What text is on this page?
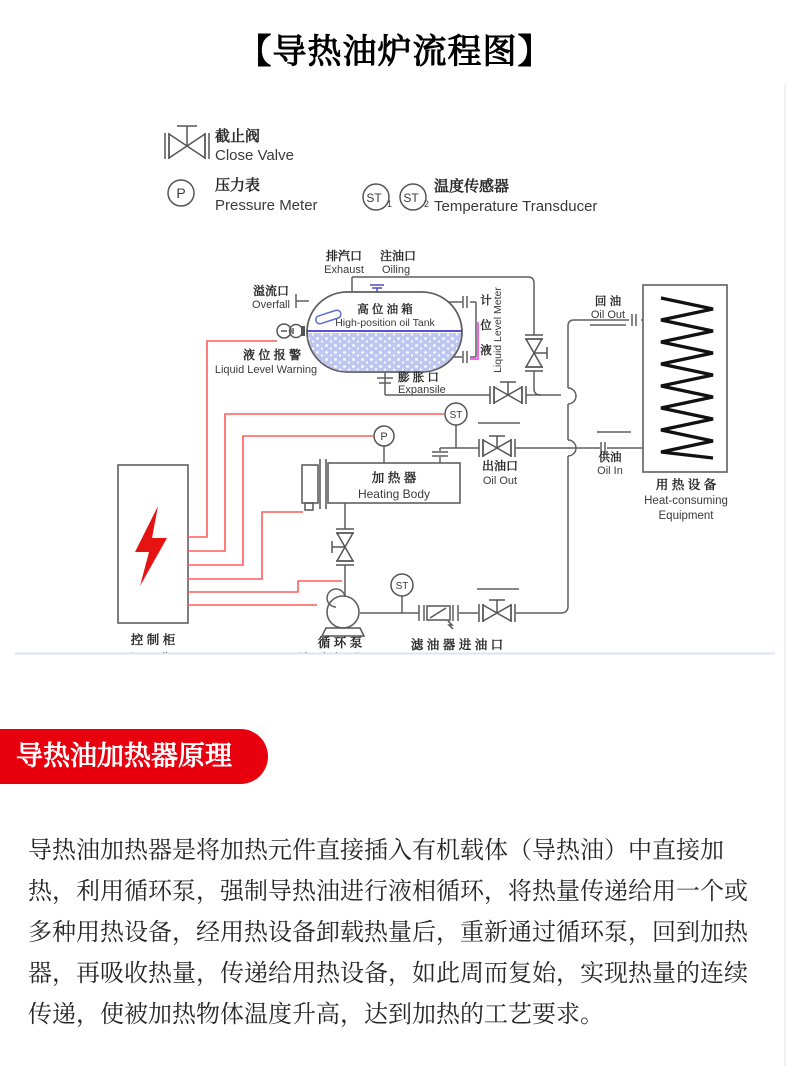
【导热油炉流程图】
截止阀
Close Valve
P 压力表
Pressure Meter	ST 1 ST 2
温度传感器
Temperature Transducer
P
ST
ST
排汽口
Exhaust
注油口
Oiling
溢流口
Overfall	高 位 油 箱
High-position oil Tank
计
位
液 Liquid Level Meter
液 位 报 警
Liquid Level Warning
膨 胀 口
Expansile
回 油
Oil Out
供油
Oil In
出油口
Oil Out
加 热 器
Heating Body
用 热 设 备
Heat-consuming
Equipment
控 制 柜	循 环 泵	滤 油 器 进 油 口
导热油加热器原理

导热油加热器是将加热元件直接插入有机载体（导热油）中直接加热，利用循环泵，强制导热油进行液相循环，将热量传递给用一个或多种用热设备，经用热设备卸载热量后，重新通过循环泵，回到加热器，再吸收热量，传递给用热设备，如此周而复始，实现热量的连续传递，使被加热物体温度升高，达到加热的工艺要求。
